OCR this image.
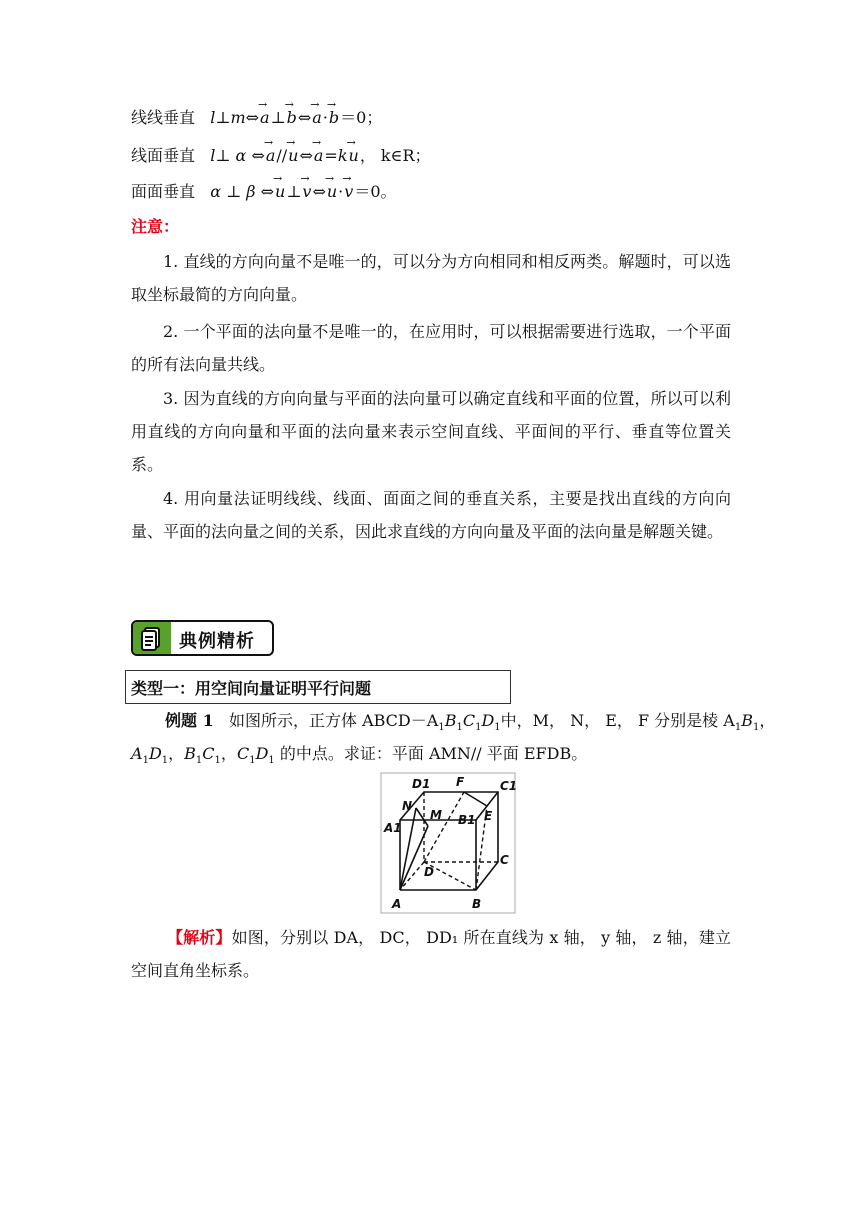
线线垂直 l⊥m⇔→ a⊥→ b⇔→ a·→ b＝0；
线面垂直 l⊥ α ⇔→ a//→ u⇔→ a=k→ u， k∈R；
面面垂直 α ⊥ β ⇔→ u⊥→ v⇔→ u·→ v＝0。
注意：
1. 直线的方向向量不是唯一的，可以分为方向相同和相反两类。解题时，可以选取坐标最简的方向向量。
2. 一个平面的法向量不是唯一的，在应用时，可以根据需要进行选取，一个平面的所有法向量共线。
3. 因为直线的方向向量与平面的法向量可以确定直线和平面的位置，所以可以利用直线的方向向量和平面的法向量来表示空间直线、平面间的平行、垂直等位置关系。
4. 用向量法证明线线、线面、面面之间的垂直关系，主要是找出直线的方向向量、平面的法向量之间的关系，因此求直线的方向向量及平面的法向量是解题关键。
典例精析
类型一：用空间向量证明平行问题
例题 1 如图所示，正方体 $ABCD-A_1B_1C_1D_1$中，M， N， E， F 分别是棱 $A_1B_1$，
$A_1D_1$，$B_1C_1$，$C_1D_1$ 的中点。求证：平面 AMN// 平面 EFDB。
D1 F	C1
N
M B1 E
A1
C
D
A	B
【解析】如图，分别以 DA， DC， DD₁ 所在直线为 x 轴， y 轴， z 轴，建立空间直角坐标系。
